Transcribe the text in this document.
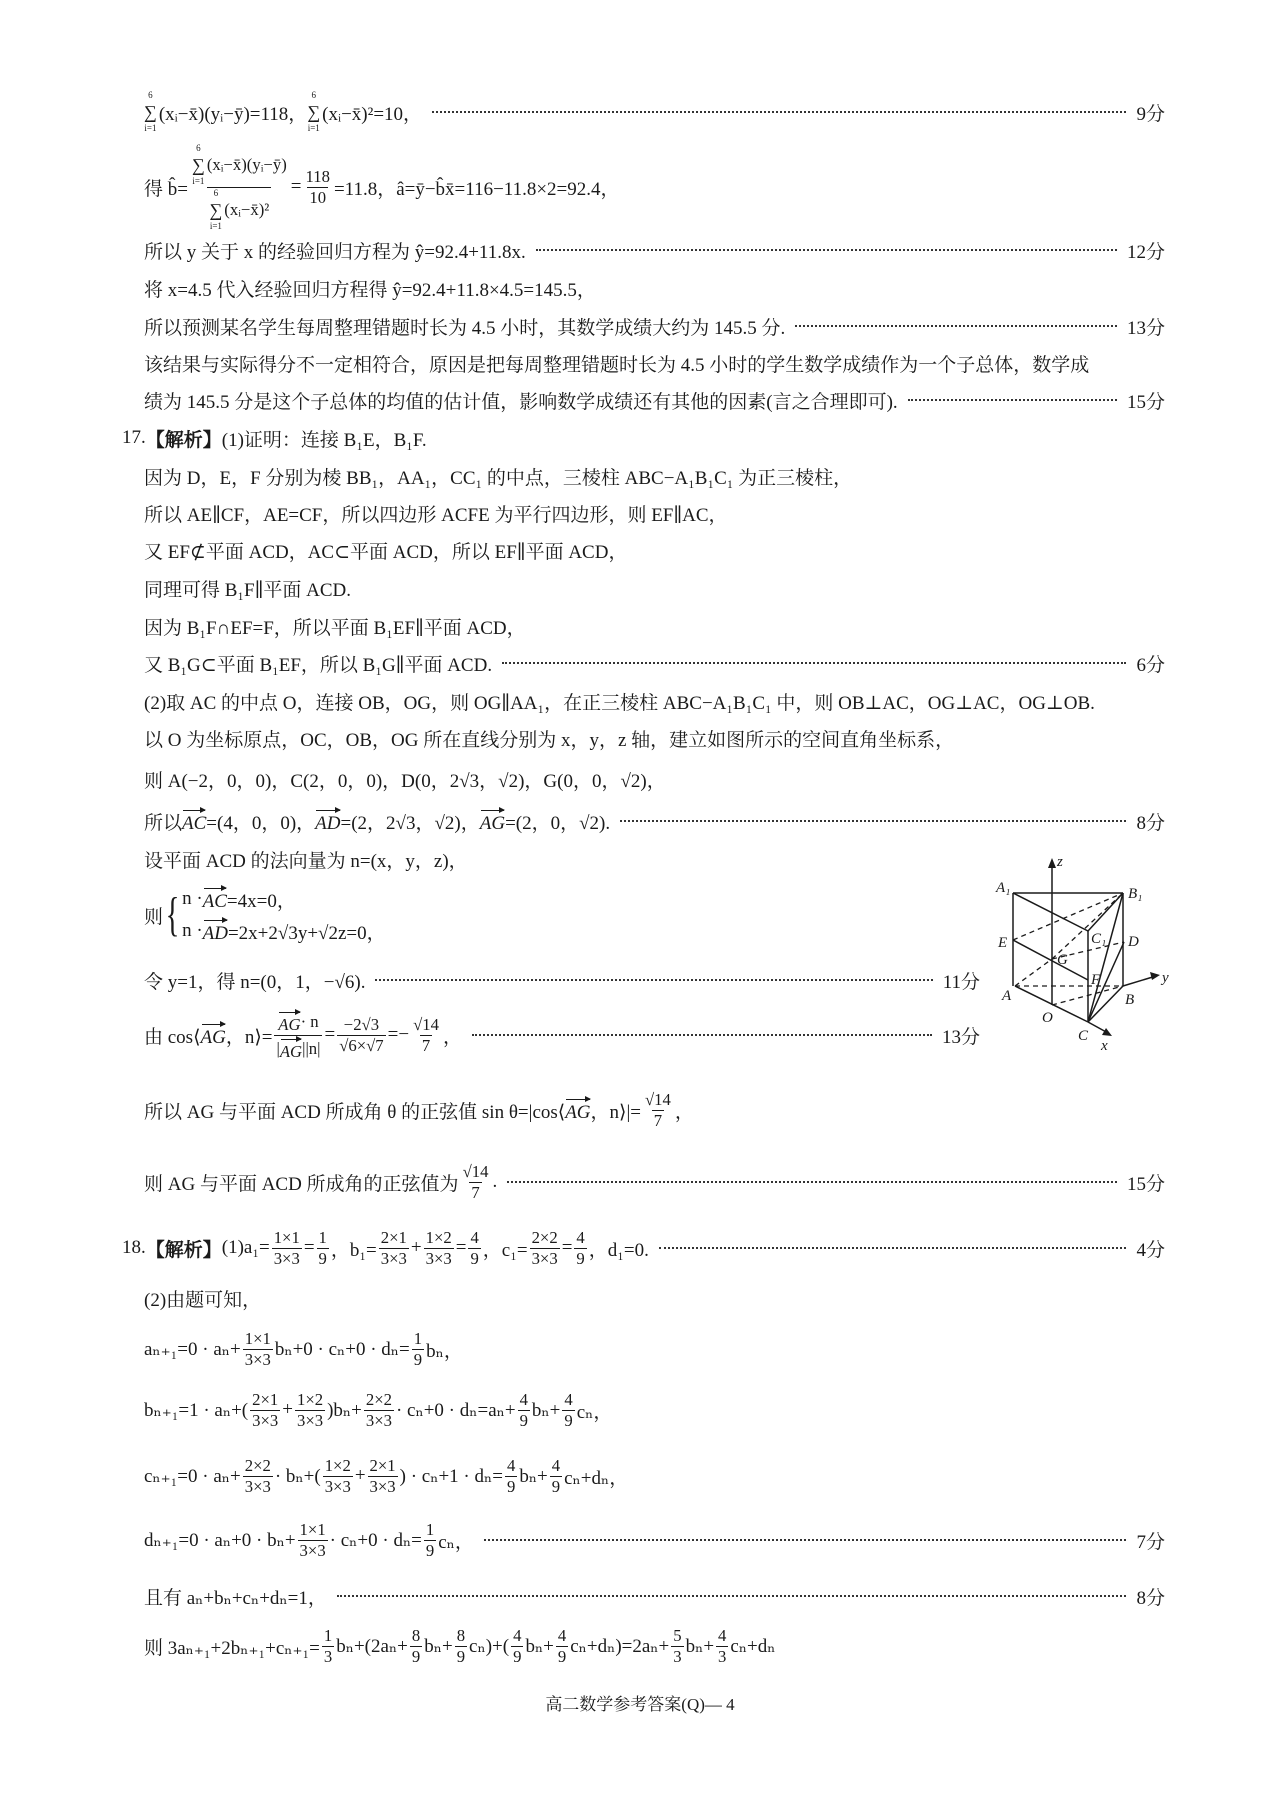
6
∑
i=1
(xᵢ−x̄)(yᵢ−ȳ)=118，
6
∑
i=1
(xᵢ−x̄)²=10，	9分
得 b̂= 6
∑
i=1
(xᵢ−x̄)(yᵢ−ȳ)
6
∑
i=1
(xᵢ−x̄)² = $\frac{118}{10} =11.8$，â=ȳ−b̂x̄=116−11.8×2=92.4，
所以 y 关于 x 的经验回归方程为 ŷ=92.4+11.8x.	12分
将 x=4.5 代入经验回归方程得 ŷ=92.4+11.8×4.5=145.5，
所以预测某名学生每周整理错题时长为 4.5 小时，其数学成绩大约为 145.5 分.	13分
该结果与实际得分不一定相符合，原因是把每周整理错题时长为 4.5 小时的学生数学成绩作为一个子总体，数学成
绩为 145.5 分是这个子总体的均值的估计值，影响数学成绩还有其他的因素(言之合理即可).	15分
17. 【解析】 (1)证明：连接 B₁E，B₁F.
因为 D，E，F 分别为棱 BB₁，AA₁，CC₁ 的中点，三棱柱 ABC−A₁B₁C₁ 为正三棱柱，
所以 AE∥CF，AE=CF，所以四边形 ACFE 为平行四边形，则 EF∥AC，
又 EF⊄平面 ACD，AC⊂平面 ACD，所以 EF∥平面 ACD，
同理可得 B₁F∥平面 ACD.
因为 B₁F∩EF=F，所以平面 B₁EF∥平面 ACD，
又 B₁G⊂平面 B₁EF，所以 B₁G∥平面 ACD.	6分
(2)取 AC 的中点 O，连接 OB，OG，则 OG∥AA₁，在正三棱柱 ABC−A₁B₁C₁ 中，则 OB⊥AC，OG⊥AC，OG⊥OB.
以 O 为坐标原点，OC，OB，OG 所在直线分别为 x，y，z 轴，建立如图所示的空间直角坐标系，
则 A(−2，0，0)，C(2，0，0)，D(0，2√3，√2)，G(0，0，√2)，
所以 AC =(4，0，0)， AD =(2，2√3，√2)， AG =(2，0，√2).	8分
设平面 ACD 的法向量为 n=(x，y，z)，
则 { n · AC =4x=0，
n · AD =2x+2√3y+√2z=0，
令 y=1，得 n=(0，1，−√6).	11分
由 cos⟨ AG ，n⟩= $\frac{AG \cdot n}{| AG ||n|} = \frac{-2√3}{√6\times√7} =- \frac{√14}{7}$ ，	13分
所以 AG 与平面 ACD 所成角 θ 的正弦值 sin θ=|cos⟨ AG ，n⟩|= $\frac{√14}{7}$ ，
则 AG 与平面 ACD 所成角的正弦值为 $\frac{√14}{7}$ .	15分
18. 【解析】 $(1)a_1= \frac{1\times 1}{3\times 3} = \frac{1}{9}$ ，$b_1= \frac{2\times 1}{3\times 3} + \frac{1\times 2}{3\times 3} = \frac{4}{9}$ ，$c_1= \frac{2\times 2}{3\times 3} = \frac{4}{9}$ ，d₁=0.	4分
(2)由题可知，
$a_{n+1}=0 \cdot a_n+ \frac{1\times 1}{3\times 3} b_n+0 \cdot c_n+0 \cdot d_n= \frac{1}{9}$ bₙ，
$b_{n+1}=1 \cdot a_n+( \frac{2\times 1}{3\times 3} + \frac{1\times 2}{3\times 3} )b_n+ \frac{2\times 2}{3\times 3} \cdot c_n+0 \cdot d_n=a_n+ \frac{4}{9} b_n+ \frac{4}{9}$ cₙ，
$c_{n+1}=0 \cdot a_n+ \frac{2\times 2}{3\times 3} \cdot b_n+( \frac{1\times 2}{3\times 3} + \frac{2\times 1}{3\times 3}$ ) · $c_n+1 \cdot d_n= \frac{4}{9} b_n+ \frac{4}{9} c_n+d_n$，
$d_{n+1}=0 \cdot a_n+0 \cdot b_n+ \frac{1\times 1}{3\times 3} \cdot c_n+0 \cdot d_n= \frac{1}{9}$ cₙ，	7分
且有 aₙ+bₙ+cₙ+dₙ=1，	8分
则 $3a_{n+1}+2b_{n+1}+c_{n+1}= \frac{1}{3} b_n+(2a_n+ \frac{8}{9} b_n+ \frac{8}{9} c_n)+( \frac{4}{9} b_n+ \frac{4}{9} c_n+d_n)=2a_n+ \frac{5}{3} b_n+ \frac{4}{3} c_n+d_n$
z
A₁	B₁
C₁
E	D
G
F
A	B
y
O
C
x
高二数学参考答案(Q)— 4
